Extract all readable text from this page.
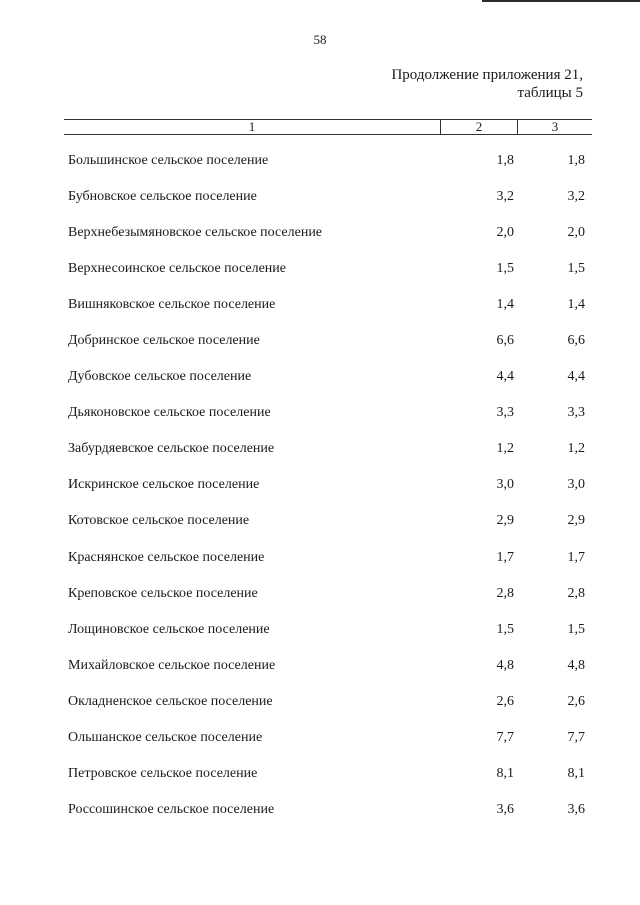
58
Продолжение приложения 21,
таблицы 5
1	2	3
Большинское сельское поселение	1,8	1,8
Бубновское сельское поселение	3,2	3,2
Верхнебезымяновское сельское поселение	2,0	2,0
Верхнесоинское сельское поселение	1,5	1,5
Вишняковское сельское поселение	1,4	1,4
Добринское сельское поселение	6,6	6,6
Дубовское сельское поселение	4,4	4,4
Дьяконовское сельское поселение	3,3	3,3
Забурдяевское сельское поселение	1,2	1,2
Искринское сельское поселение	3,0	3,0
Котовское сельское поселение	2,9	2,9
Краснянское сельское поселение	1,7	1,7
Креповское сельское поселение	2,8	2,8
Лощиновское сельское поселение	1,5	1,5
Михайловское сельское поселение	4,8	4,8
Окладненское сельское поселение	2,6	2,6
Ольшанское сельское поселение	7,7	7,7
Петровское сельское поселение	8,1	8,1
Россошинское сельское поселение	3,6	3,6
